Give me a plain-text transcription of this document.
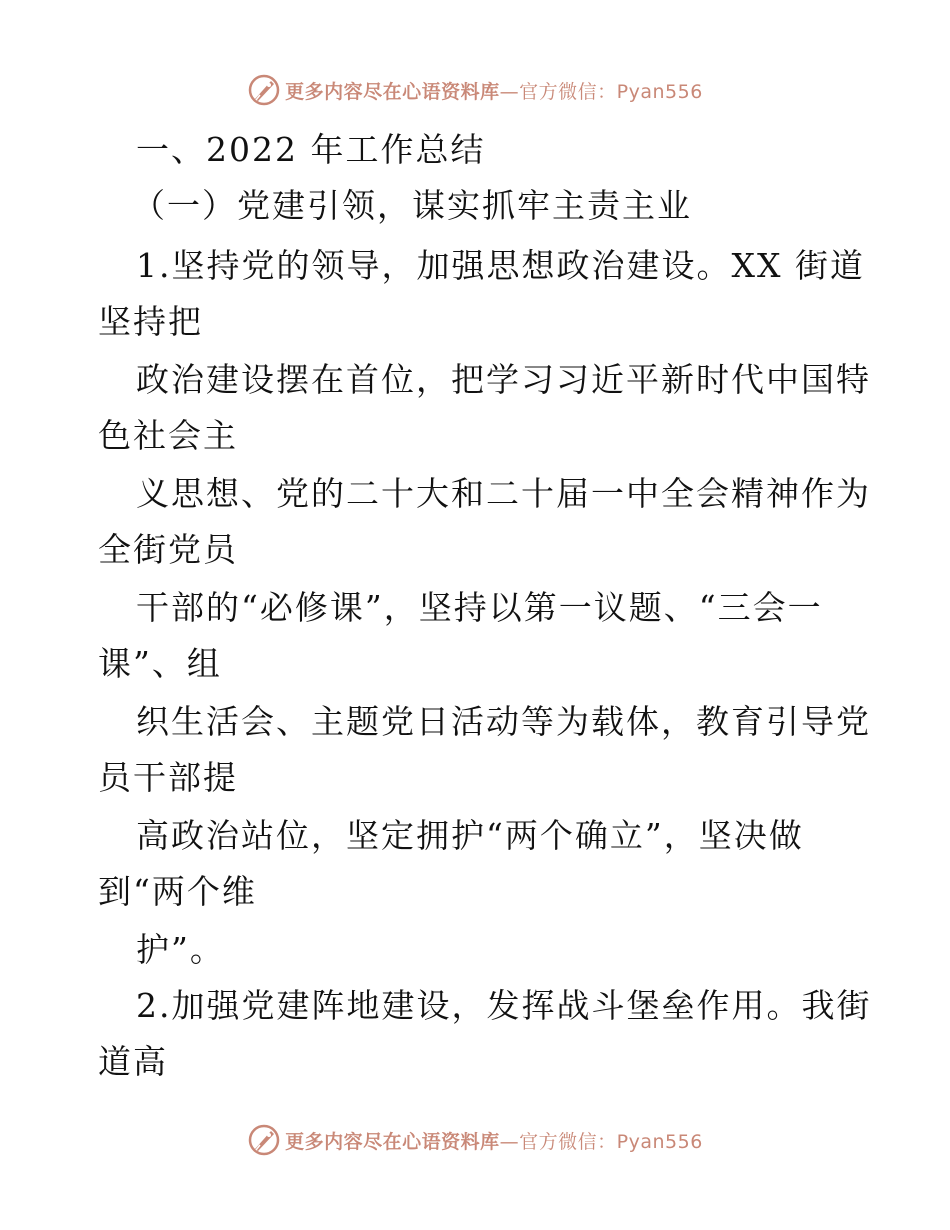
更多内容尽在心语资料库—官方微信：Pyan556
一、2022 年工作总结
（一）党建引领，谋实抓牢主责主业
1.坚持党的领导，加强思想政治建设。XX 街道
坚持把
政治建设摆在首位，把学习习近平新时代中国特
色社会主
义思想、党的二十大和二十届一中全会精神作为
全街党员
干部的“必修课”，坚持以第一议题、“三会一
课”、组
织生活会、主题党日活动等为载体，教育引导党
员干部提
高政治站位，坚定拥护“两个确立”，坚决做
到“两个维
护”。
2.加强党建阵地建设，发挥战斗堡垒作用。我街
道高
更多内容尽在心语资料库—官方微信：Pyan556
